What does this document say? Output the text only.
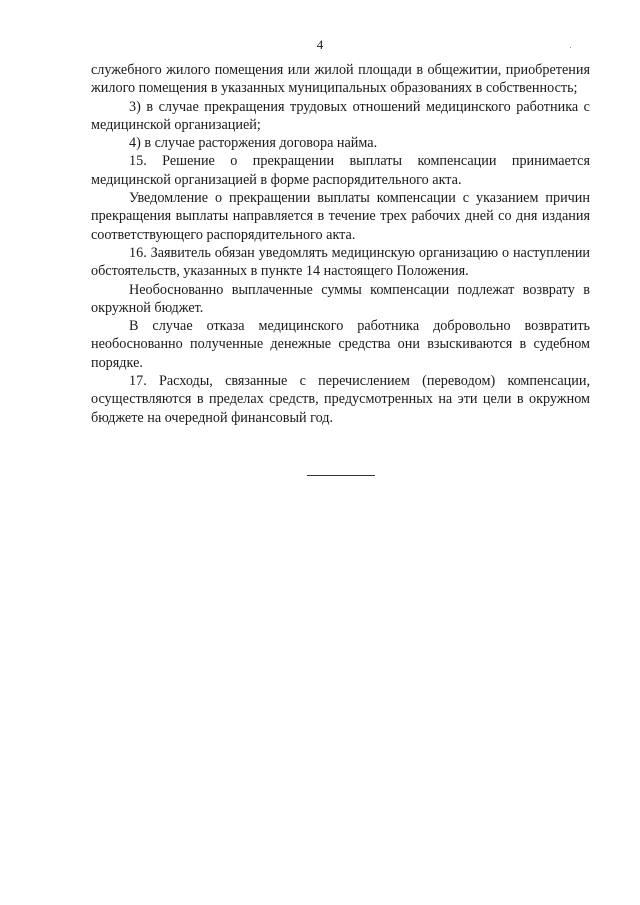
4

служебного жилого помещения или жилой площади в общежитии, приобретения жилого помещения в указанных муниципальных образованиях в собственность;

3) в случае прекращения трудовых отношений медицинского работника с медицинской организацией;

4) в случае расторжения договора найма.

15. Решение о прекращении выплаты компенсации принимается медицинской организацией в форме распорядительного акта.

Уведомление о прекращении выплаты компенсации с указанием причин прекращения выплаты направляется в течение трех рабочих дней со дня издания соответствующего распорядительного акта.

16. Заявитель обязан уведомлять медицинскую организацию о наступлении обстоятельств, указанных в пункте 14 настоящего Положения.

Необоснованно выплаченные суммы компенсации подлежат возврату в окружной бюджет.

В случае отказа медицинского работника добровольно возвратить необоснованно полученные денежные средства они взыскиваются в судебном порядке.

17. Расходы, связанные с перечислением (переводом) компенсации, осуществляются в пределах средств, предусмотренных на эти цели в окружном бюджете на очередной финансовый год.
